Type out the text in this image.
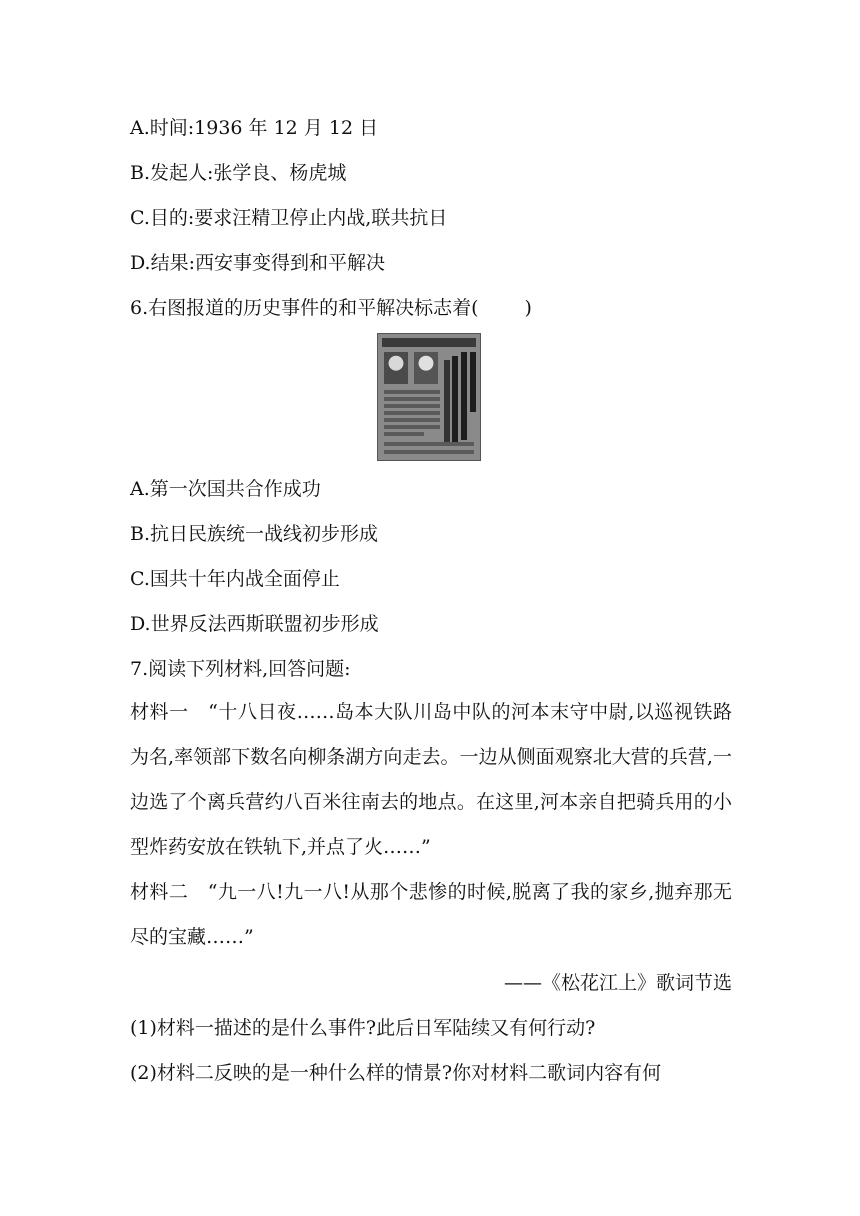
A.时间:1936 年 12 月 12 日
B.发起人:张学良、杨虎城
C.目的:要求汪精卫停止内战,联共抗日
D.结果:西安事变得到和平解决
6.右图报道的历史事件的和平解决标志着( )
A.第一次国共合作成功
B.抗日民族统一战线初步形成
C.国共十年内战全面停止
D.世界反法西斯联盟初步形成
7.阅读下列材料,回答问题:
材料一　“十八日夜……岛本大队川岛中队的河本末守中尉,以巡视铁路为名,率领部下数名向柳条湖方向走去。一边从侧面观察北大营的兵营,一边选了个离兵营约八百米往南去的地点。在这里,河本亲自把骑兵用的小型炸药安放在铁轨下,并点了火……”
材料二　“九一八!九一八!从那个悲惨的时候,脱离了我的家乡,抛弃那无尽的宝藏……”
——《松花江上》歌词节选
(1)材料一描述的是什么事件?此后日军陆续又有何行动?
(2)材料二反映的是一种什么样的情景?你对材料二歌词内容有何
